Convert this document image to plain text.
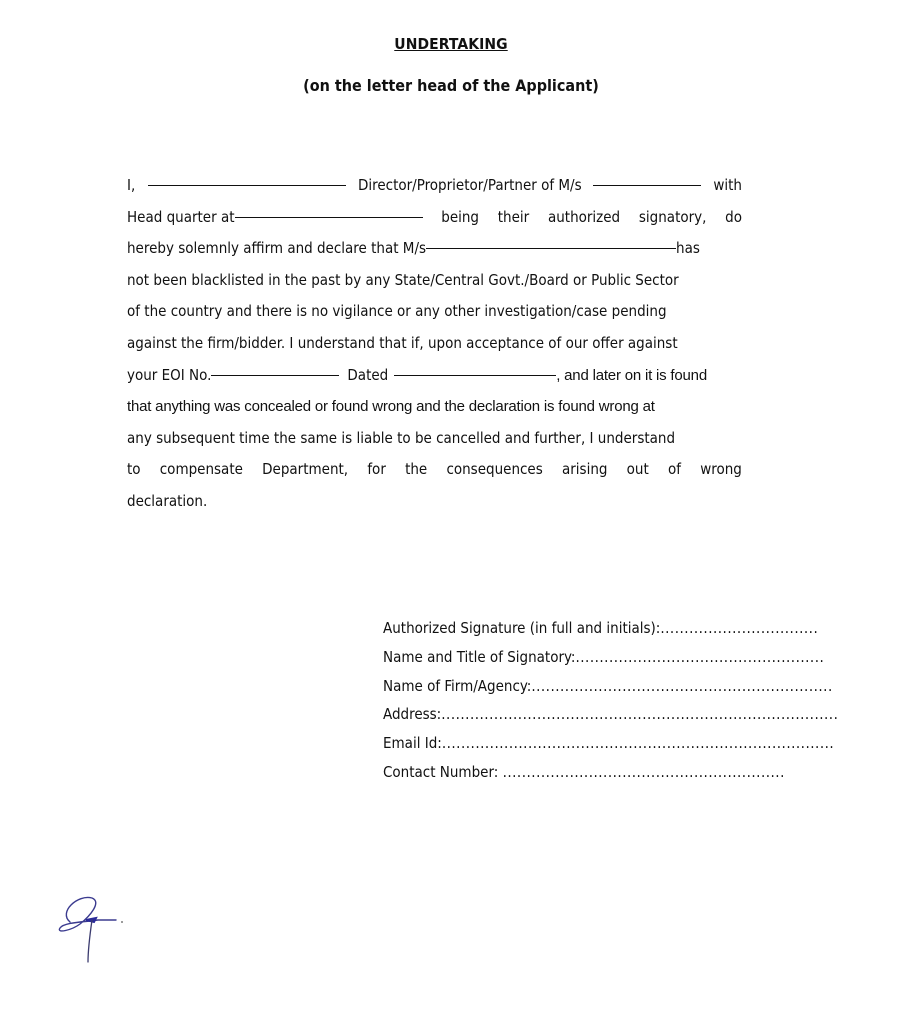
UNDERTAKING
(on the letter head of the Applicant)
I,	Director/Proprietor/Partner of M/s	with
Head quarter at	being their authorized signatory, do
hereby solemnly affirm and declare that M/s	has
not been blacklisted in the past by any State/Central Govt./Board or Public Sector
of the country and there is no vigilance or any other investigation/case pending
against the firm/bidder. I understand that if, upon acceptance of our offer against
your EOI No.	Dated	, and later on it is found
that anything was concealed or found wrong and the declaration is found wrong at
any subsequent time the same is liable to be cancelled and further, I understand
to compensate Department, for the consequences arising out of wrong
declaration.
Authorized Signature (in full and initials): .................................
Name and Title of Signatory: ....................................................
Name of Firm/Agency: ...............................................................
Address: ...................................................................................
Email Id: ..................................................................................
Contact Number: ...........................................................
